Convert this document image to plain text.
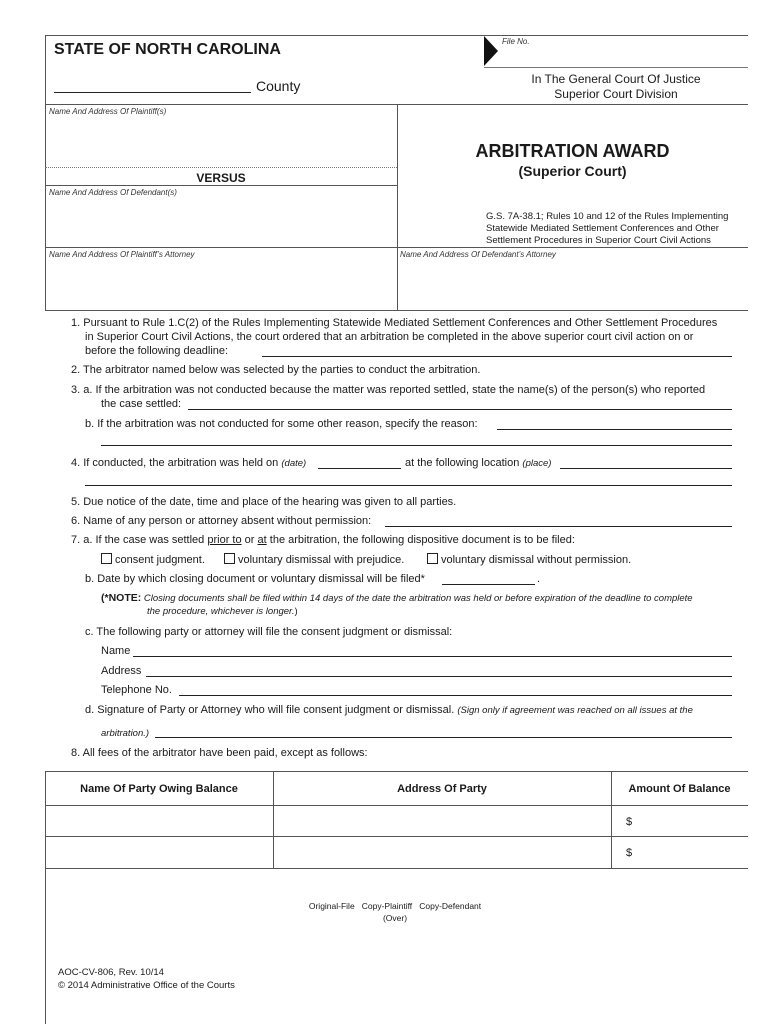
STATE OF NORTH CAROLINA
County
File No.
In The General Court Of Justice
Superior Court Division
Name And Address Of Plaintiff(s)
VERSUS
Name And Address Of Defendant(s)
ARBITRATION AWARD
(Superior Court)
G.S. 7A-38.1; Rules 10 and 12 of the Rules Implementing
Statewide Mediated Settlement Conferences and Other
Settlement Procedures in Superior Court Civil Actions
Name And Address Of Plaintiff’s Attorney	Name And Address Of Defendant’s Attorney
1. Pursuant to Rule 1.C(2) of the Rules Implementing Statewide Mediated Settlement Conferences and Other Settlement Procedures
in Superior Court Civil Actions, the court ordered that an arbitration be completed in the above superior court civil action on or
before the following deadline:
2. The arbitrator named below was selected by the parties to conduct the arbitration.
3. a. If the arbitration was not conducted because the matter was reported settled, state the name(s) of the person(s) who reported
the case settled:
b. If the arbitration was not conducted for some other reason, specify the reason:
4. If conducted, the arbitration was held on (date)	at the following location (place)
5. Due notice of the date, time and place of the hearing was given to all parties.
6. Name of any person or attorney absent without permission:
7. a. If the case was settled prior to or at the arbitration, the following dispositive document is to be filed:
consent judgment.	voluntary dismissal with prejudice.	voluntary dismissal without permission.
b. Date by which closing document or voluntary dismissal will be filed*	.
(*NOTE: Closing documents shall be filed within 14 days of the date the arbitration was held or before expiration of the deadline to complete
the procedure, whichever is longer.)
c. The following party or attorney will file the consent judgment or dismissal:
Name
Address
Telephone No.
d. Signature of Party or Attorney who will file consent judgment or dismissal. (Sign only if agreement was reached on all issues at the
arbitration.)
8. All fees of the arbitrator have been paid, except as follows:
Name Of Party Owing Balance	Address Of Party	Amount Of Balance
$
$
Original-File   Copy-Plaintiff   Copy-Defendant
(Over)
AOC-CV-806, Rev. 10/14
© 2014 Administrative Office of the Courts
